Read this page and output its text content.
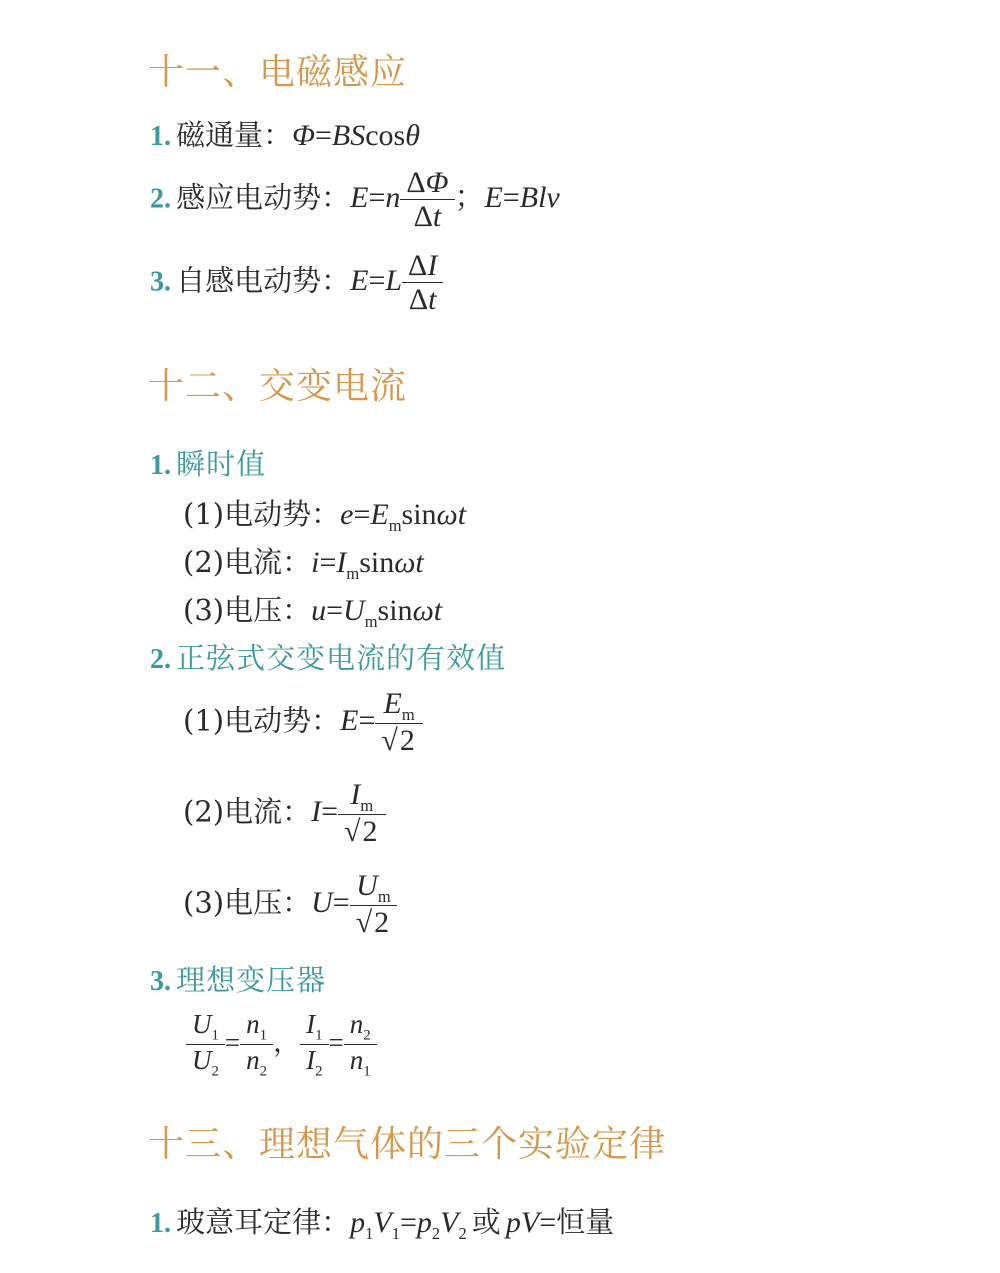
十一、电磁感应
1. 磁通量：Φ=BScosθ
2. 感应电动势：$E=n \frac{\Delta\Phi}{\Delta t}$ ；E=Blv
3. 自感电动势：$E=L \frac{\Delta I}{\Delta t}$
十二、交变电流
1. 瞬时值
(1)电动势：$e=E_m\sin\omega t$
(2)电流：$i=I_m\sin\omega t$
(3)电压：$u=U_m\sin\omega t$
2. 正弦式交变电流的有效值
(1)电动势：$E= \frac{E_m}{√2}$
(2)电流：$I= \frac{I_m}{√2}$
(3)电压：$U= \frac{U_m}{√2}$
3. 理想变压器
$\frac{U_1}{U_2} = \frac{n_1}{n_2}$ ， $\frac{I_1}{I_2} = \frac{n_2}{n_1}$
十三、理想气体的三个实验定律
1. 玻意耳定律：$p_1V_1=p_2V_2$ 或 pV=恒量
